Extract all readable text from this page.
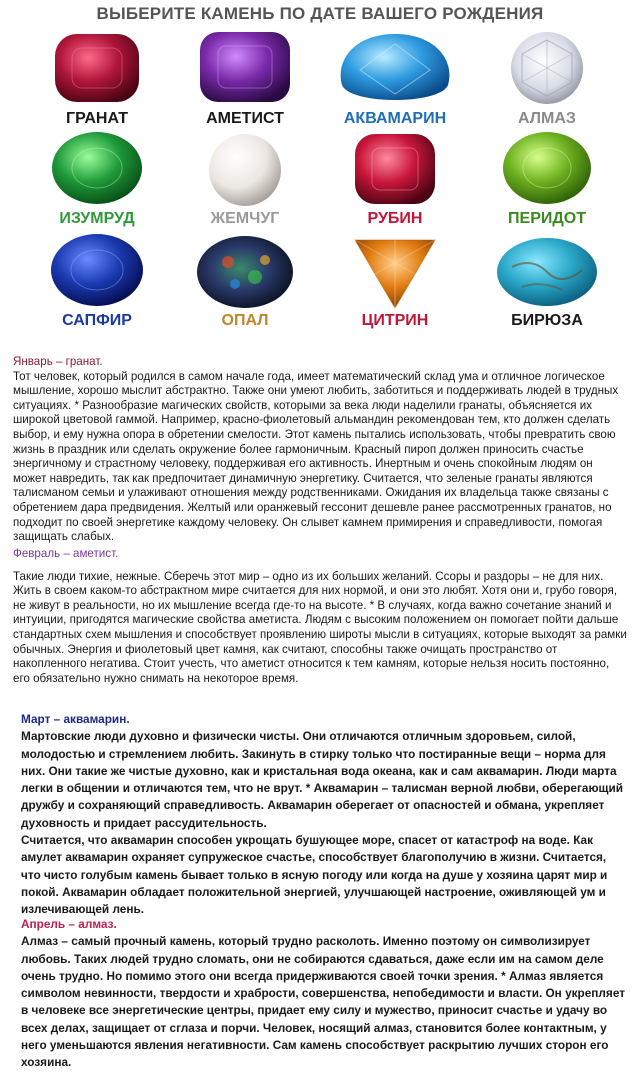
ВЫБЕРИТЕ КАМЕНЬ ПО ДАТЕ ВАШЕГО РОЖДЕНИЯ
ГРАНАТ	АМЕТИСТ	АКВАМАРИН	АЛМАЗ
ИЗУМРУД	ЖЕМЧУГ	РУБИН	ПЕРИДОТ
САПФИР	ОПАЛ	ЦИТРИН	БИРЮЗА

Январь – гранат.

Тот человек, который родился в самом начале года, имеет математический склад ума и отличное логическое мышление, хорошо мыслит абстрактно. Также они умеют любить, заботиться и поддерживать людей в трудных ситуациях. * Разнообразие магических свойств, которыми за века люди наделили гранаты, объясняется их широкой цветовой гаммой. Например, красно-фиолетовый альмандин рекомендован тем, кто должен сделать выбор, и ему нужна опора в обретении смелости. Этот камень пытались использовать, чтобы превратить свою жизнь в праздник или сделать окружение более гармоничным. Красный пироп должен приносить счастье энергичному и страстному человеку, поддерживая его активность. Инертным и очень спокойным людям он может навредить, так как предпочитает динамичную энергетику. Считается, что зеленые гранаты являются талисманом семьи и улаживают отношения между родственниками. Ожидания их владельца также связаны с обретением дара предвидения. Желтый или оранжевый гессонит дешевле ранее рассмотренных гранатов, но подходит по своей энергетике каждому человеку. Он слывет камнем примирения и справедливости, помогая защищать слабых.

Февраль – аметист.

Такие люди тихие, нежные. Сберечь этот мир – одно из их больших желаний. Ссоры и раздоры – не для них. Жить в своем каком-то абстрактном мире считается для них нормой, и они это любят. Хотя они и, грубо говоря, не живут в реальности, но их мышление всегда где-то на высоте. * В случаях, когда важно сочетание знаний и интуиции, пригодятся магические свойства аметиста. Людям с высоким положением он помогает пойти дальше стандартных схем мышления и способствует проявлению широты мысли в ситуациях, которые выходят за рамки обычных. Энергия и фиолетовый цвет камня, как считают, способны также очищать пространство от накопленного негатива. Стоит учесть, что аметист относится к тем камням, которые нельзя носить постоянно, его обязательно нужно снимать на некоторое время.

Март – аквамарин.

Мартовские люди духовно и физически чисты. Они отличаются отличным здоровьем, силой, молодостью и стремлением любить. Закинуть в стирку только что постиранные вещи – норма для них. Они такие же чистые духовно, как и кристальная вода океана, как и сам аквамарин. Люди марта легки в общении и отличаются тем, что не врут. * Аквамарин – талисман верной любви, оберегающий дружбу и сохраняющий справедливость. Аквамарин оберегает от опасностей и обмана, укрепляет духовность и придает рассудительность.

Считается, что аквамарин способен укрощать бушующее море, спасет от катастроф на воде. Как амулет аквамарин охраняет супружеское счастье, способствует благополучию в жизни. Считается, что чисто голубым камень бывает только в ясную погоду или когда на душе у хозяина царят мир и покой. Аквамарин обладает положительной энергией, улучшающей настроение, оживляющей ум и излечивающей лень.

Апрель – алмаз.

Алмаз – самый прочный камень, который трудно расколоть. Именно поэтому он символизирует любовь. Таких людей трудно сломать, они не собираются сдаваться, даже если им на самом деле очень трудно. Но помимо этого они всегда придерживаются своей точки зрения. * Алмаз является символом невинности, твердости и храбрости, совершенства, непобедимости и власти. Он укрепляет в человеке все энергетические центры, придает ему силу и мужество, приносит счастье и удачу во всех делах, защищает от сглаза и порчи. Человек, носящий алмаз, становится более контактным, у него уменьшаются явления негативности. Сам камень способствует раскрытию лучших сторон его хозяина.
